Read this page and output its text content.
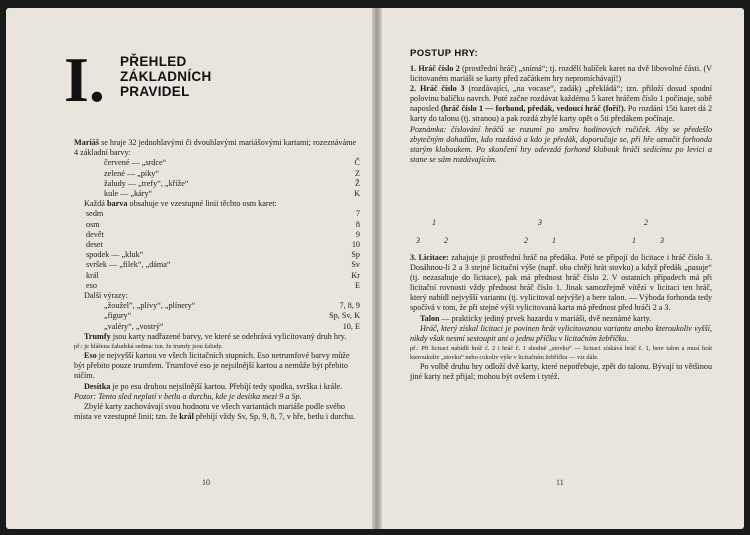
I. PŘEHLED
ZÁKLADNÍCH
PRAVIDEL

Mariáš se hraje 32 jednohlavými či dvouhlavými mariášovými kartami; rozeznáváme 4 základní barvy:

červené — „srdce“	Č
zelené — „piky“	Z
žaludy — „trefy“, „kříže“	Ž
kule — „káry“	K

Každá barva obsahuje ve vzestupné linii těchto osm karet:

sedm	7
osm	8
devět	9
deset	10
spodek — „kluk“	Sp
svršek — „filek“, „dáma“	Sv
král	Kr
eso	E

Další výrazy:

„žouželˮ, „plívy“, „plínery“	7, 8, 9
„figury“	Sp, Sv, K
„valéry“, „vostrý“	10, E

Trumfy jsou karty nadřazené barvy, ve které se odehrává vylicitovaný druh hry.

př.: je hlášena žaludská sedma: tzn. že trumfy jsou žaludy.

Eso je nejvyšší kartou ve všech licitačních stupních. Eso netrumfové barvy může být přebito pouze trumfem. Trumfové eso je nejsilnější kartou a nemůže být přebito ničím.

Desítka je po esu druhou nejsilnější kartou. Přebíjí tedy spodka, svrška i krále.

Pozor: Tento sled neplatí v betlu a durchu, kde je desítka mezi 9 a Sp.

Zbylé karty zachovávají svou hodnotu ve všech variantách mariáše podle svého místa ve vzestupné linii; tzn. že král přebíjí vždy Sv, Sp, 9, 8, 7, v hře, betlu i durchu.

10
POSTUP HRY:

1. Hráč číslo 2 (prostřední hráč) „snímá“; tj. rozdělí balíček karet na dvě libovolné části. (V licitovaném mariáši se karty před začátkem hry nepromíchávají!)

2. Hráč číslo 3 (rozdávající, „na vocase“, zadák) „překládá“; tzn. přiloží dosud spodní polovinu balíčku navrch. Poté začne rozdávat každému 5 karet hráčem číslo 1 počínaje, sobě naposled (hráč číslo 1 — forhond, předák, vedoucí hráč (foří!). Po rozdání 15ti karet dá 2 karty do talonu (tj. stranou) a pak rozdá zbylé karty opět o 5ti předákem počínaje.

Poznámka: číslování hráčů se rozumí po směru hodinových ručiček. Aby se předešlo zbytečným dohadům, kdo rozdává a kdo je předák, doporučuje se, při hře označit forhonda starým kloboukem. Po skončení hry odevzdá forhond klobouk hráči sedícímu po levici a stane se sám rozdávajícím.

1
3	2
3
2	1
2
1	3

3. Licitace: zahajuje ji prostřední hráč na předáka. Poté se připojí do licitace i hráč číslo 3. Dosáhnou-li 2 a 3 stejné licitační výše (např. oba chtějí hrát stovku) a když předák „pasuje“ (tj. nezasahuje do licitace), pak má přednost hráč číslo 2. V ostatních případech má při licitační rovnosti vždy přednost hráč číslo 1. Jinak samozřejmě vítězí v licitaci ten hráč, který nabídl nejvyšší variantu (tj. vylicitoval nejvýše) a bere talon. — Výhoda forhonda tedy spočívá v tom, že při stejné výši vylicitovaná karta má přednost před hráči 2 a 3.

Talon — prakticky jediný prvek hazardu v mariáši, dvě neznámé karty.

Hráč, který získal licitaci je povinen hrát vylicitovanou variantu anebo kteroukoliv vyšší, nikdy však nesmí sestoupit ani o jednu příčku v licitačním žebříčku.

př.: Při licitaci nabídli hráč č. 2 i hráč č. 1 shodně „stovku“ — licitaci získává hráč č. 1, bere talon a musí hrát kteroukoliv „stovku“ nebo cokoliv výše v licitačním žebříčku — viz dále.

Po volbě druhu hry odloží dvě karty, které nepotřebuje, zpět do talonu. Bývají to většinou jiné karty než přijal; mohou být ovšem i tytéž.

11
